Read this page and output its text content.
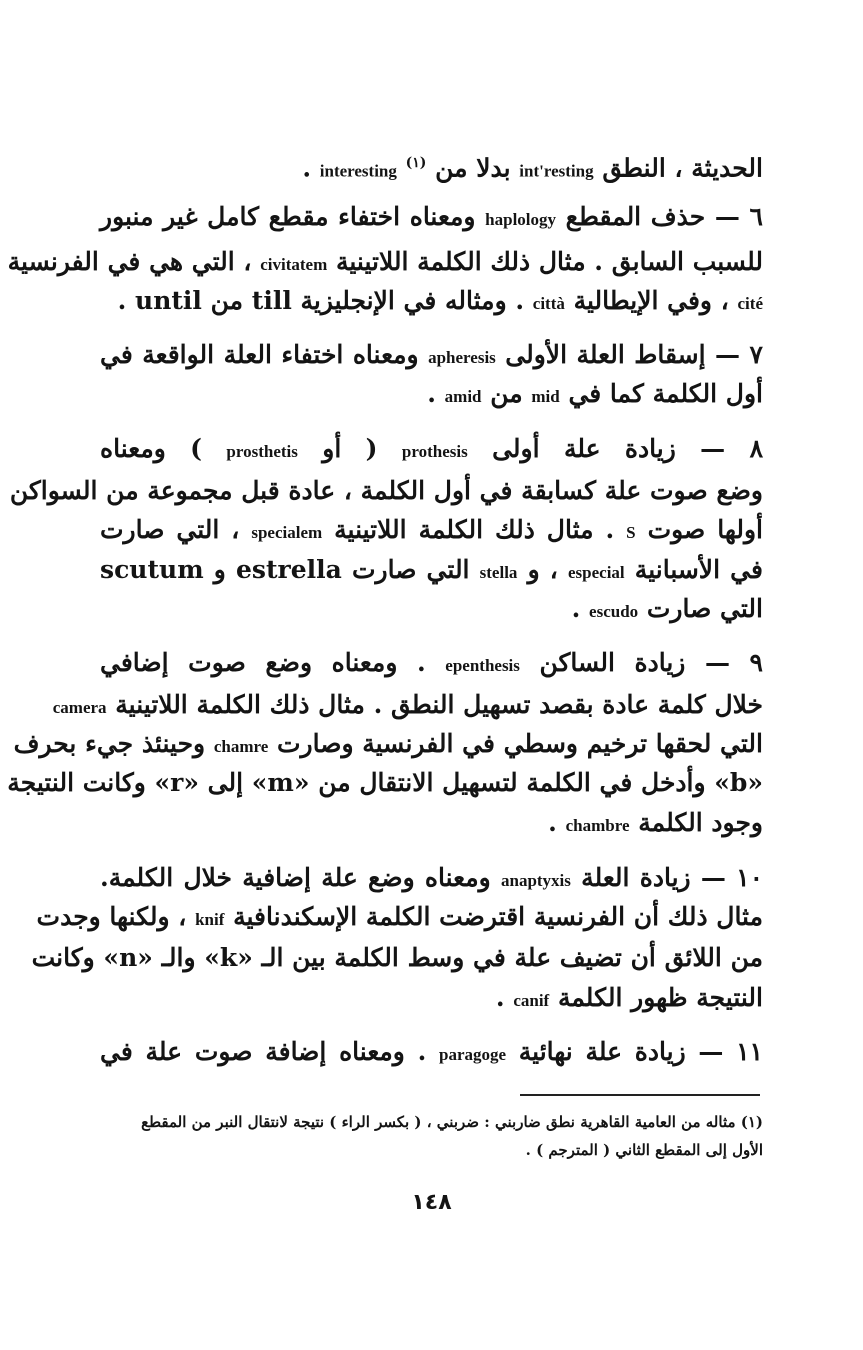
الحديثة ، النطق int'resting بدلا من $^{(١)}$ interesting .
٦ — حذف المقطع haplology ومعناه اختفاء مقطع كامل غير منبور
للسبب السابق . مثال ذلك الكلمة اللاتينية civitatem ، التي هي في الفرنسية
cité ، وفي الإيطالية città . ومثاله في الإنجليزية till من until .
٧ — إسقاط العلة الأولى apheresis ومعناه اختفاء العلة الواقعة في
أول الكلمة كما في mid من amid .
٨ — زيادة علة أولى prothesis ( أو prosthetis ) ومعناه
وضع صوت علة كسابقة في أول الكلمة ، عادة قبل مجموعة من السواكن
أولها صوت S . مثال ذلك الكلمة اللاتينية specialem ، التي صارت
في الأسبانية especial ، و stella التي صارت estrella و scutum
التي صارت escudo .
٩ — زيادة الساكن epenthesis . ومعناه وضع صوت إضافي
خلال كلمة عادة بقصد تسهيل النطق . مثال ذلك الكلمة اللاتينية camera
التي لحقها ترخيم وسطي في الفرنسية وصارت chamre وحينئذ جيء بحرف
«b» وأدخل في الكلمة لتسهيل الانتقال من «m» إلى «r» وكانت النتيجة
وجود الكلمة chambre .
١٠ — زيادة العلة anaptyxis ومعناه وضع علة إضافية خلال الكلمة.
مثال ذلك أن الفرنسية اقترضت الكلمة الإسكندنافية knif ، ولكنها وجدت
من اللائق أن تضيف علة في وسط الكلمة بين الـ «k» والـ «n» وكانت
النتيجة ظهور الكلمة canif .
١١ — زيادة علة نهائية paragoge . ومعناه إضافة صوت علة في
(١) مثاله من العامية القاهرية نطق ضاربني : ضربني ، ( بكسر الراء ) نتيجة لانتقال النبر من المقطع
الأول إلى المقطع الثاني ( المترجم ) .
١٤٨
